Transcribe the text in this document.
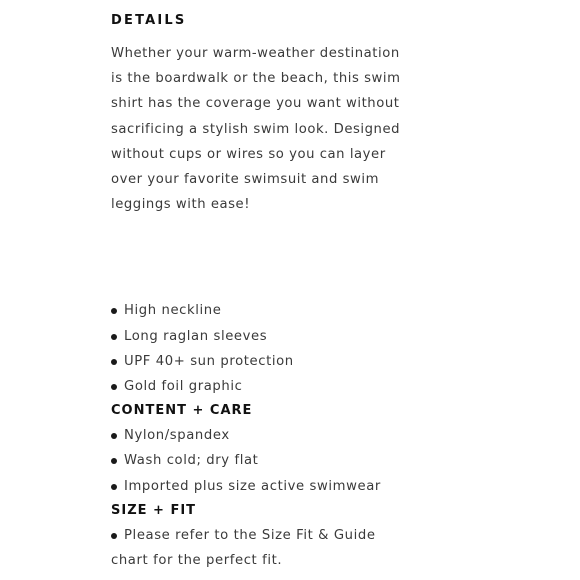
DETAILS

Whether your warm-weather destination is the boardwalk or the beach, this swim shirt has the coverage you want without sacrificing a stylish swim look. Designed without cups or wires so you can layer over your favorite swimsuit and swim leggings with ease!

High neckline
Long raglan sleeves
UPF 40+ sun protection
Gold foil graphic
CONTENT + CARE
Nylon/spandex
Wash cold; dry flat
Imported plus size active swimwear
SIZE + FIT
Please refer to the Size Fit & Guide chart for the perfect fit.
